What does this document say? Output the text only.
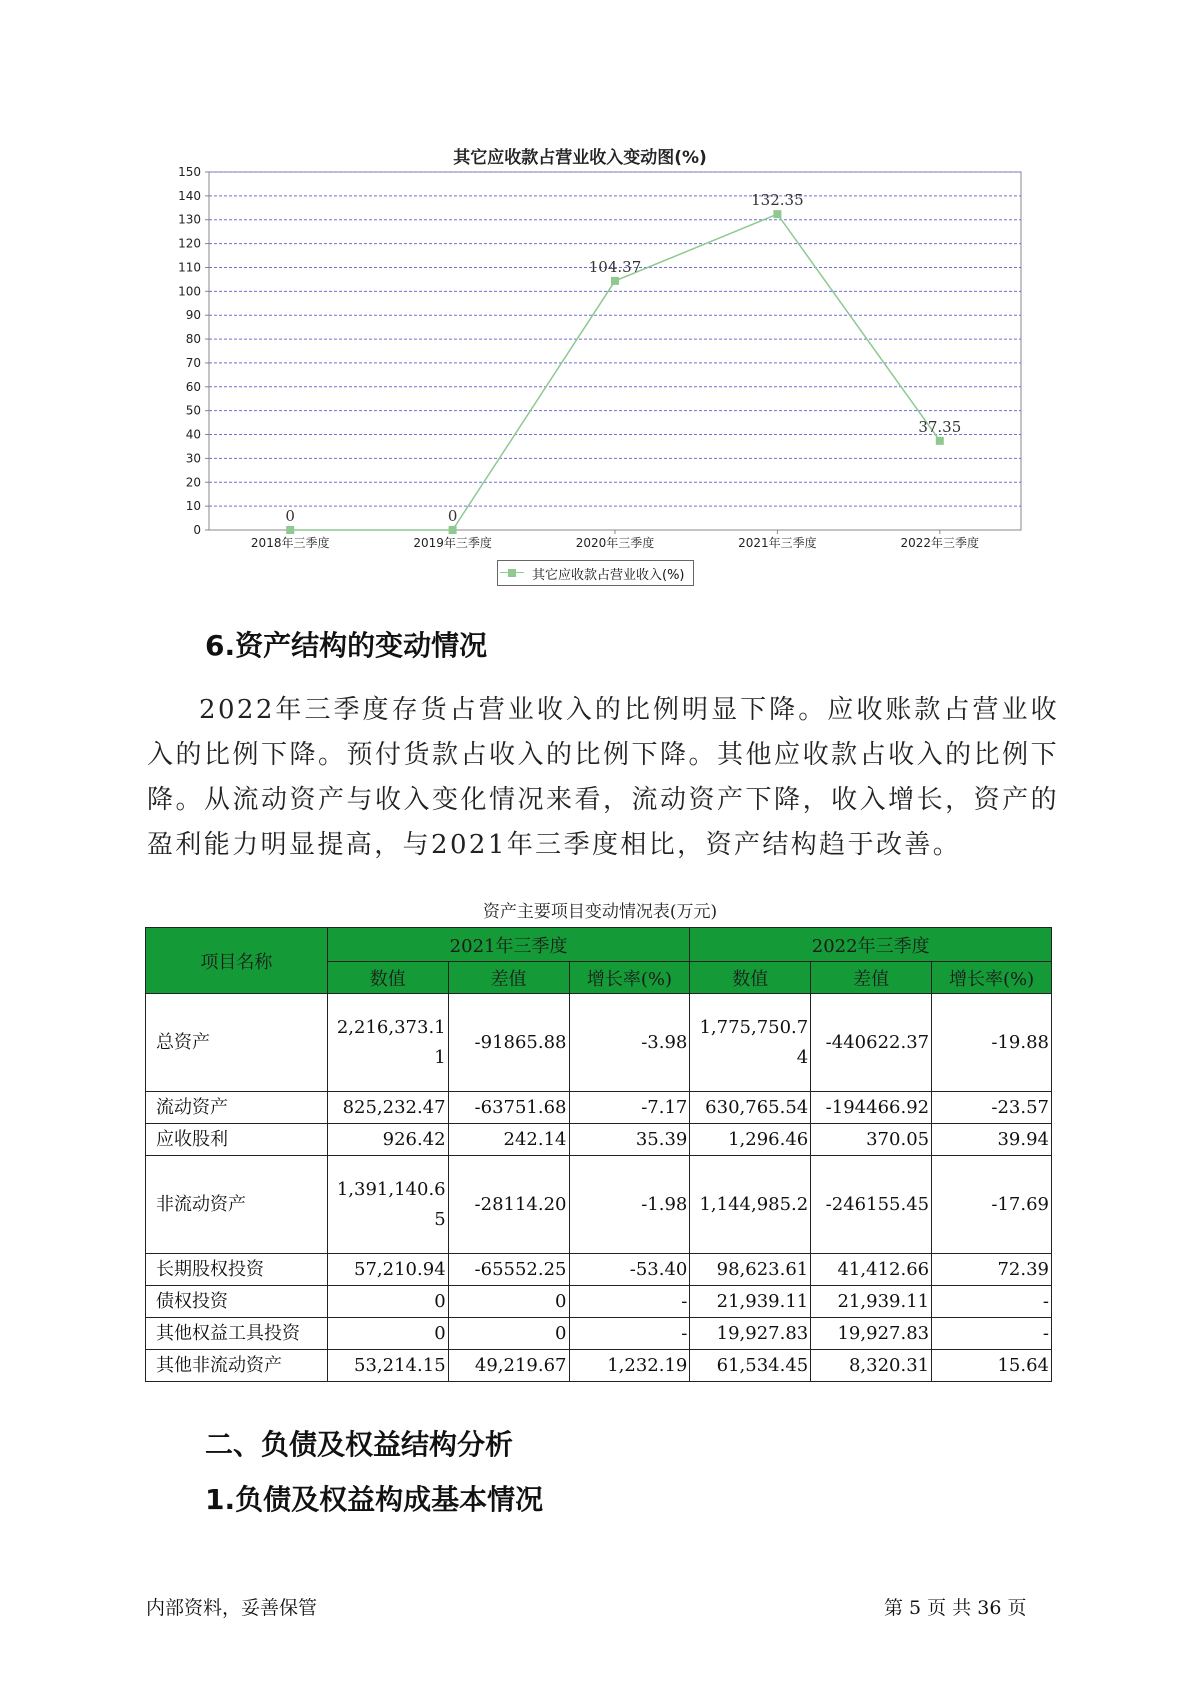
其它应收款占营业收入变动图(%)
0
10
20
30
40
50
60
70
80
90
100
110
120
130
140
150
2018年三季度	2019年三季度	2020年三季度	2021年三季度	2022年三季度
0	0
104.37
132.35
37.35
其它应收款占营业收入(%)
6.资产结构的变动情况
2022年三季度存货占营业收入的比例明显下降。应收账款占营业收入的比例下降。预付货款占收入的比例下降。其他应收款占收入的比例下降。从流动资产与收入变化情况来看，流动资产下降，收入增长，资产的盈利能力明显提高，与2021年三季度相比，资产结构趋于改善。
资产主要项目变动情况表(万元)
项目名称	2021年三季度			2022年三季度		
	数值	差值	增长率(%)	数值	差值	增长率(%)
总资产	2,216,373.11	-91865.88	-3.98	1,775,750.74	-440622.37	-19.88
流动资产	825,232.47	-63751.68	-7.17	630,765.54	-194466.92	-23.57
应收股利	926.42	242.14	35.39	1,296.46	370.05	39.94
非流动资产	1,391,140.65	-28114.20	-1.98	1,144,985.2	-246155.45	-17.69
长期股权投资	57,210.94	-65552.25	-53.40	98,623.61	41,412.66	72.39
债权投资	0	0	-	21,939.11	21,939.11	-
其他权益工具投资	0	0	-	19,927.83	19,927.83	-
其他非流动资产	53,214.15	49,219.67	1,232.19	61,534.45	8,320.31	15.64
二、负债及权益结构分析
1.负债及权益构成基本情况
内部资料，妥善保管	第 5 页 共 36 页
